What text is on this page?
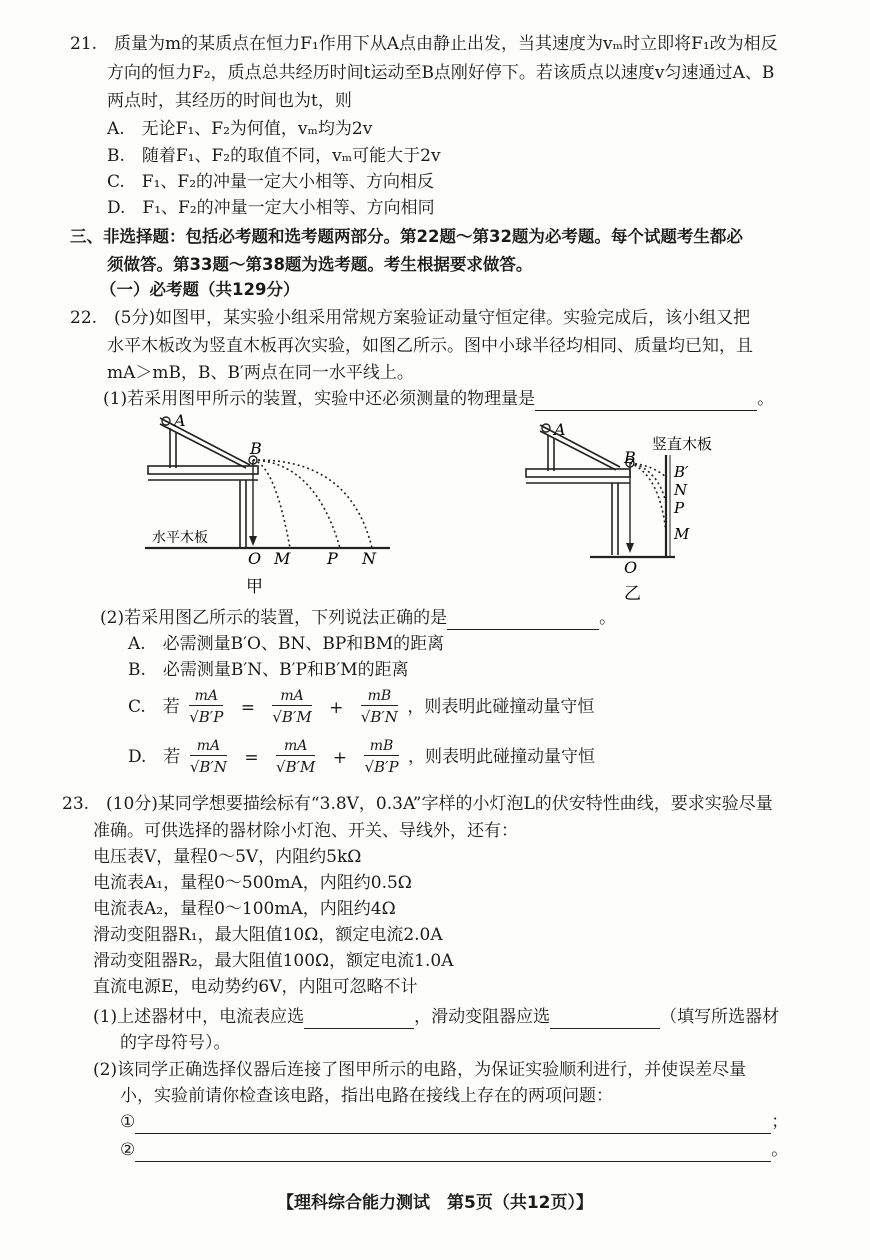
21.　质量为m的某质点在恒力F₁作用下从A点由静止出发，当其速度为vₘ时立即将F₁改为相反
方向的恒力F₂，质点总共经历时间t运动至B点刚好停下。若该质点以速度v匀速通过A、B
两点时，其经历的时间也为t，则
A.　无论F₁、F₂为何值，vₘ均为2v
B.　随着F₁、F₂的取值不同，vₘ可能大于2v
C.　F₁、F₂的冲量一定大小相等、方向相反
D.　F₁、F₂的冲量一定大小相等、方向相同
三、非选择题：包括必考题和选考题两部分。第22题～第32题为必考题。每个试题考生都必
须做答。第33题～第38题为选考题。考生根据要求做答。
（一）必考题（共129分）
22.　(5分)如图甲，某实验小组采用常规方案验证动量守恒定律。实验完成后，该小组又把
水平木板改为竖直木板再次实验，如图乙所示。图中小球半径均相同、质量均已知，且
mA＞mB，B、B′两点在同一水平线上。
(1)若采用图甲所示的装置，实验中还必须测量的物理量是	。
A
B
水平木板
O M P N
甲
A
B
竖直木板
B′
N
P
M
O
乙
(2)若采用图乙所示的装置，下列说法正确的是	。
A.　必需测量B′O、BN、BP和BM的距离
B.　必需测量B′N、B′P和B′M的距离
C.　若 $\frac{mA}{√B'P} = \frac{mA}{√B'M} + \frac{mB}{√B'N}$ ，则表明此碰撞动量守恒
D.　若 $\frac{mA}{√B'N} = \frac{mA}{√B'M} + \frac{mB}{√B'P}$ ，则表明此碰撞动量守恒
23.　(10分)某同学想要描绘标有“3.8V，0.3A”字样的小灯泡L的伏安特性曲线，要求实验尽量
准确。可供选择的器材除小灯泡、开关、导线外，还有：
电压表V，量程0～5V，内阻约5kΩ
电流表A₁，量程0～500mA，内阻约0.5Ω
电流表A₂，量程0～100mA，内阻约4Ω
滑动变阻器R₁，最大阻值10Ω，额定电流2.0A
滑动变阻器R₂，最大阻值100Ω，额定电流1.0A
直流电源E，电动势约6V，内阻可忽略不计
(1)上述器材中，电流表应选	，滑动变阻器应选	（填写所选器材
的字母符号）。
(2)该同学正确选择仪器后连接了图甲所示的电路，为保证实验顺利进行，并使误差尽量
小，实验前请你检查该电路，指出电路在接线上存在的两项问题：
①	；
②	。
【理科综合能力测试　第5页（共12页）】
